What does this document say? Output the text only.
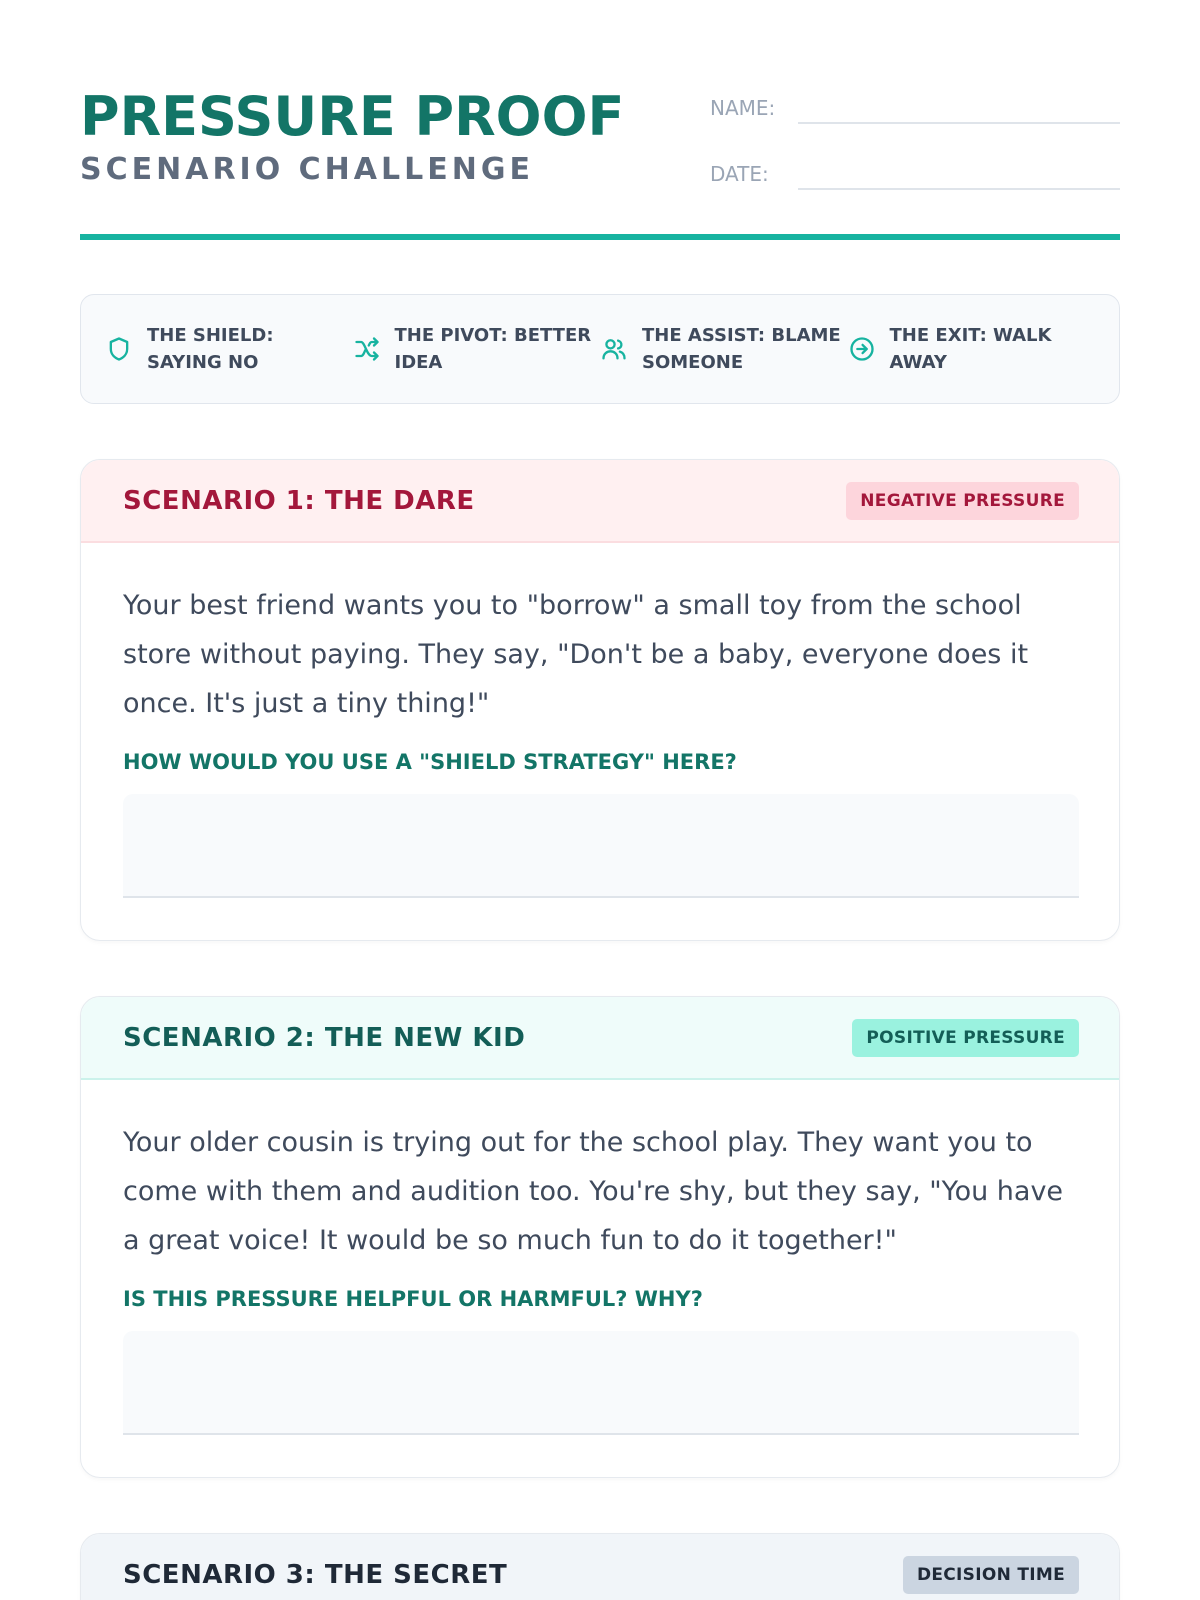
PRESSURE PROOF
SCENARIO CHALLENGE
NAME:
DATE:
THE SHIELD: SAYING NO
THE PIVOT: BETTER IDEA
THE ASSIST: BLAME SOMEONE
THE EXIT: WALK AWAY
SCENARIO 1: THE DARE	NEGATIVE PRESSURE

Your best friend wants you to "borrow" a small toy from the school store without paying. They say, "Don't be a baby, everyone does it once. It's just a tiny thing!"

HOW WOULD YOU USE A "SHIELD STRATEGY" HERE?
SCENARIO 2: THE NEW KID	POSITIVE PRESSURE

Your older cousin is trying out for the school play. They want you to come with them and audition too. You're shy, but they say, "You have a great voice! It would be so much fun to do it together!"

IS THIS PRESSURE HELPFUL OR HARMFUL? WHY?
SCENARIO 3: THE SECRET	DECISION TIME
